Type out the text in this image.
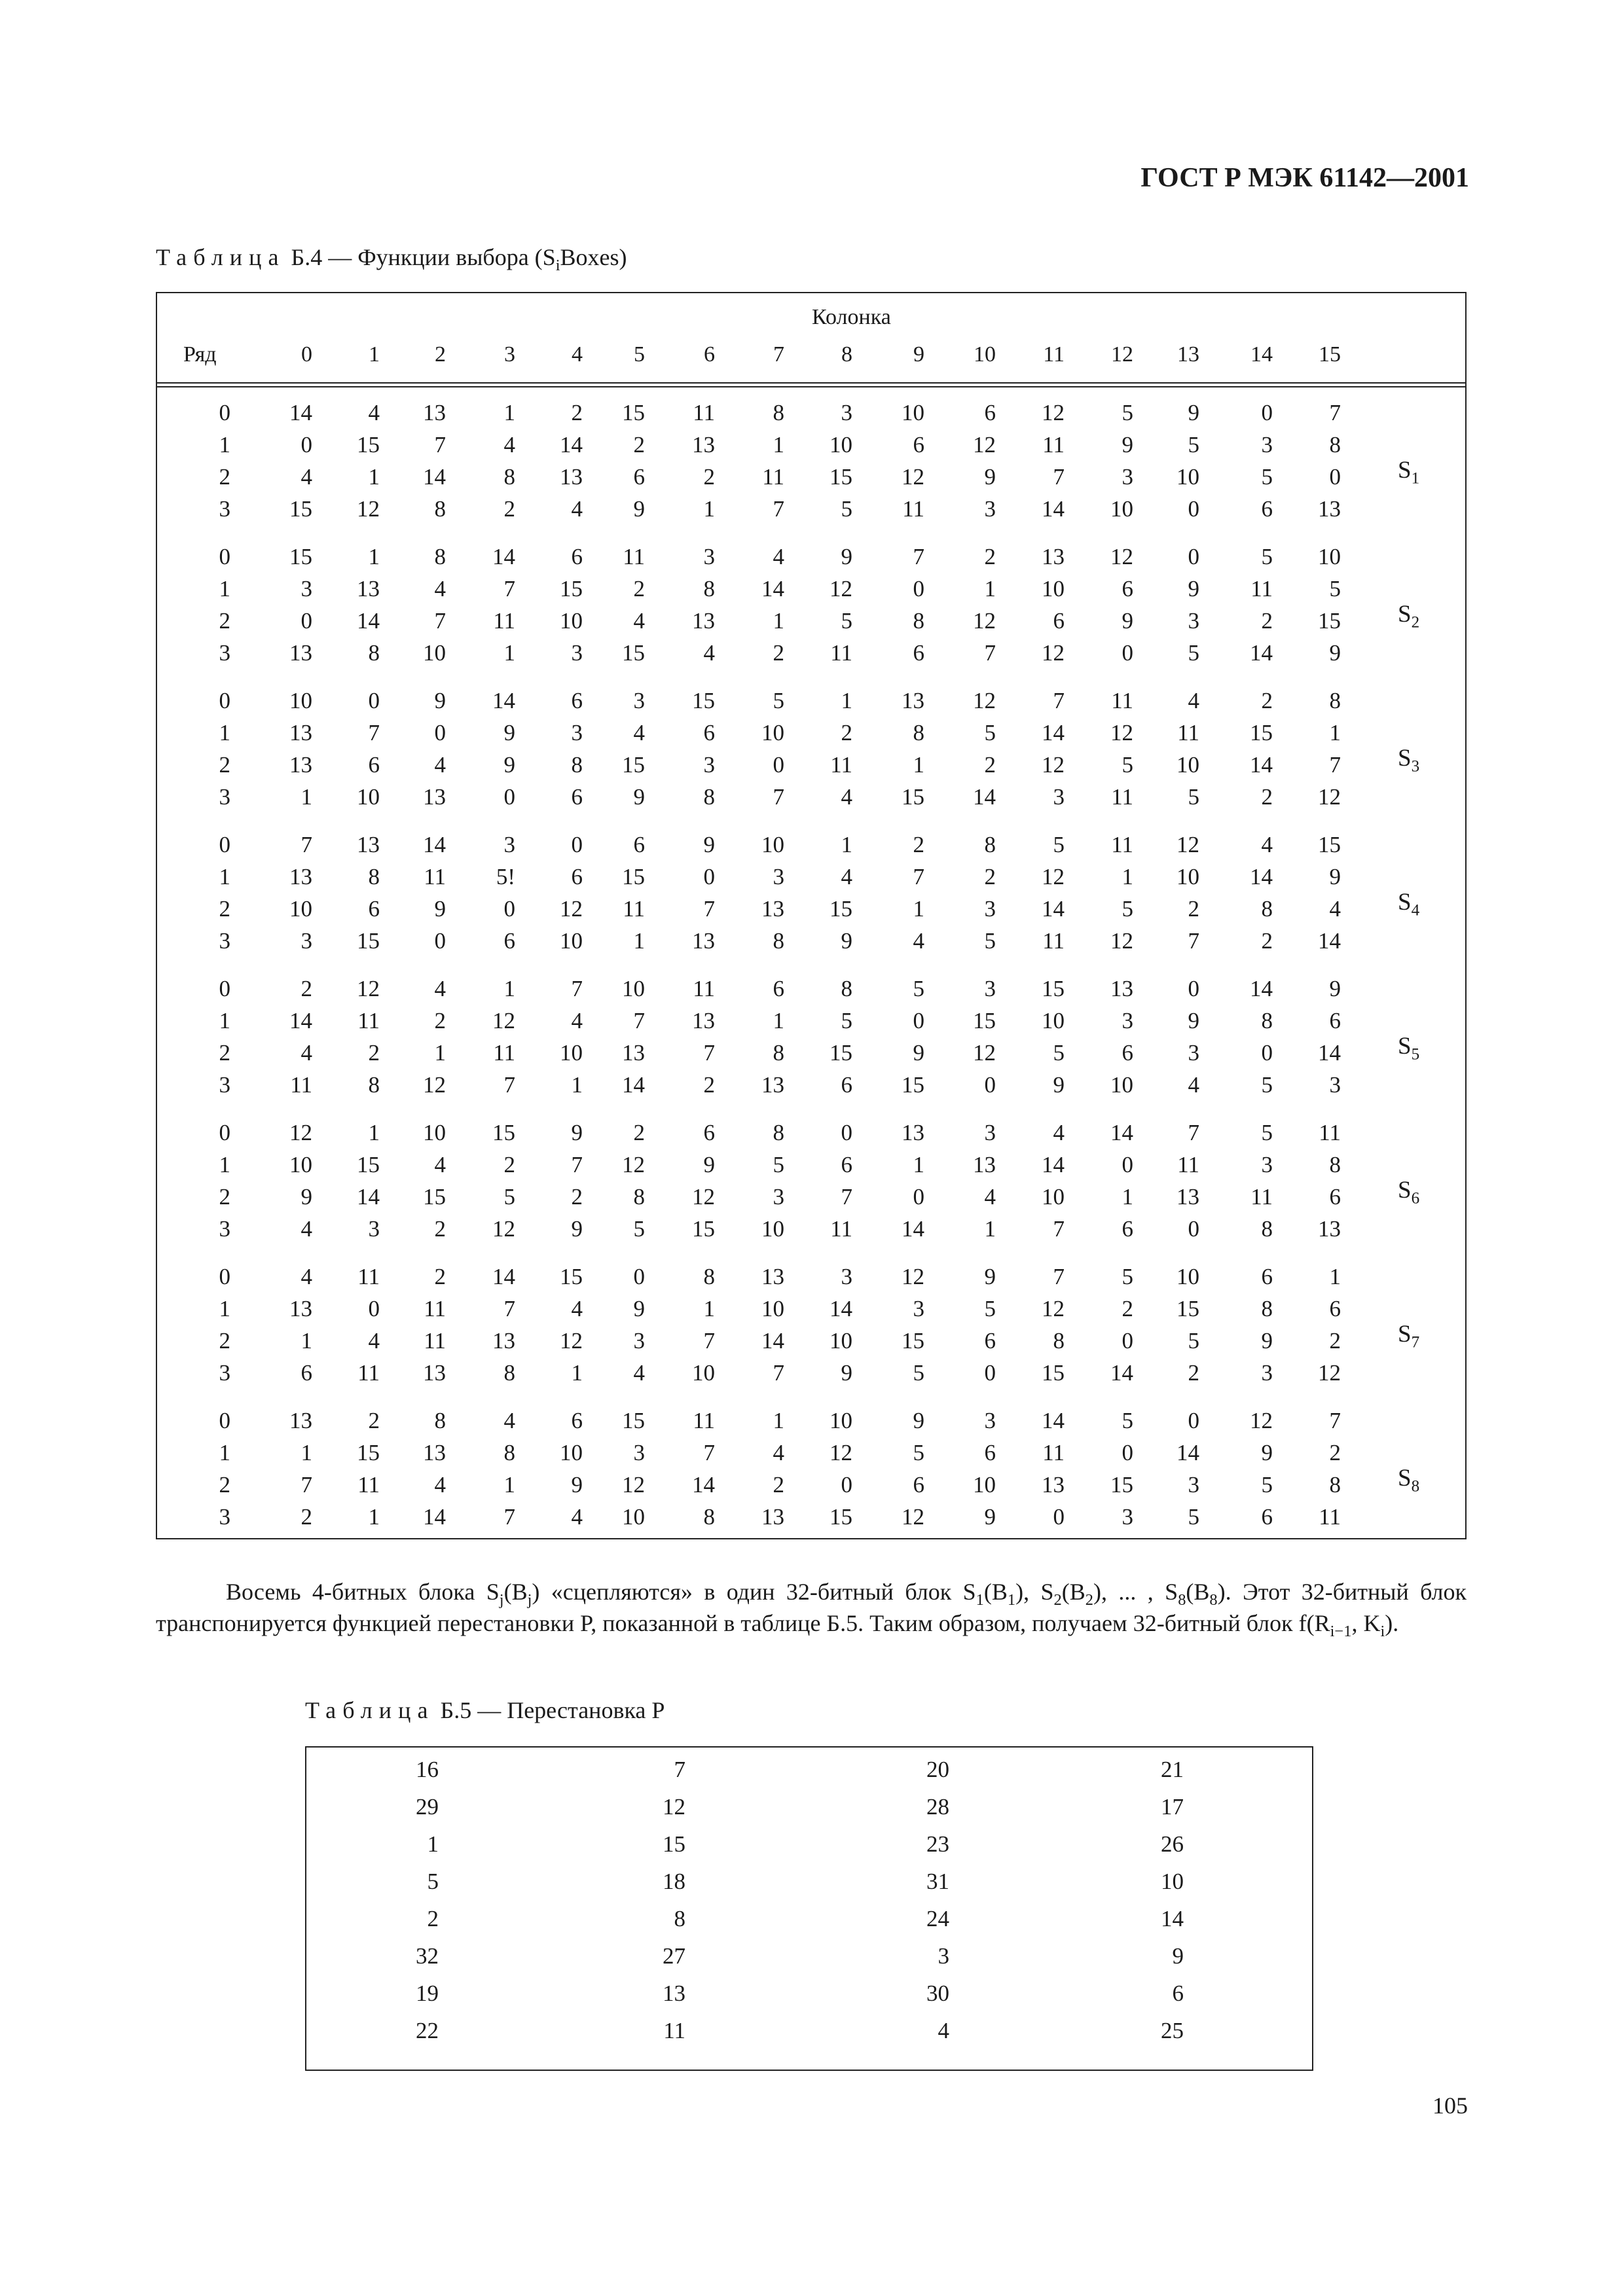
ГОСТ Р МЭК 61142—2001
Таблица Б.4 — Функции выбора $(S_iBoxes)$
Колонка
Ряд	0	1	2	3	4	5	6	7	8	9	10	11	12	13	14	15
0	14	4	13	1	2	15	11	8	3	10	6	12	5	9	0	7
1	0	15	7	4	14	2	13	1	10	6	12	11	9	5	3	8
2	4	1	14	8	13	6	2	11	15	12	9	7	3	10	5	0
3	15	12	8	2	4	9	1	7	5	11	3	14	10	0	6	13
$S_1$
0	15	1	8	14	6	11	3	4	9	7	2	13	12	0	5	10
1	3	13	4	7	15	2	8	14	12	0	1	10	6	9	11	5
2	0	14	7	11	10	4	13	1	5	8	12	6	9	3	2	15
3	13	8	10	1	3	15	4	2	11	6	7	12	0	5	14	9
$S_2$
0	10	0	9	14	6	3	15	5	1	13	12	7	11	4	2	8
1	13	7	0	9	3	4	6	10	2	8	5	14	12	11	15	1
2	13	6	4	9	8	15	3	0	11	1	2	12	5	10	14	7
3	1	10	13	0	6	9	8	7	4	15	14	3	11	5	2	12
$S_3$
0	7	13	14	3	0	6	9	10	1	2	8	5	11	12	4	15
1	13	8	11	5!	6	15	0	3	4	7	2	12	1	10	14	9
2	10	6	9	0	12	11	7	13	15	1	3	14	5	2	8	4
3	3	15	0	6	10	1	13	8	9	4	5	11	12	7	2	14
$S_4$
0	2	12	4	1	7	10	11	6	8	5	3	15	13	0	14	9
1	14	11	2	12	4	7	13	1	5	0	15	10	3	9	8	6
2	4	2	1	11	10	13	7	8	15	9	12	5	6	3	0	14
3	11	8	12	7	1	14	2	13	6	15	0	9	10	4	5	3
$S_5$
0	12	1	10	15	9	2	6	8	0	13	3	4	14	7	5	11
1	10	15	4	2	7	12	9	5	6	1	13	14	0	11	3	8
2	9	14	15	5	2	8	12	3	7	0	4	10	1	13	11	6
3	4	3	2	12	9	5	15	10	11	14	1	7	6	0	8	13
$S_6$
0	4	11	2	14	15	0	8	13	3	12	9	7	5	10	6	1
1	13	0	11	7	4	9	1	10	14	3	5	12	2	15	8	6
2	1	4	11	13	12	3	7	14	10	15	6	8	0	5	9	2
3	6	11	13	8	1	4	10	7	9	5	0	15	14	2	3	12
$S_7$
0	13	2	8	4	6	15	11	1	10	9	3	14	5	0	12	7
1	1	15	13	8	10	3	7	4	12	5	6	11	0	14	9	2
2	7	11	4	1	9	12	14	2	0	6	10	13	15	3	5	8
3	2	1	14	7	4	10	8	13	15	12	9	0	3	5	6	11
$S_8$

Восемь 4-битных блока $S_j(B_j)$ «сцепляются» в один 32-битный блок $S_1(B_1)$, $S_2(B_2)$, ... , $S_8(B_8)$. Этот 32-битный блок транспонируется функцией перестановки P, показанной в таблице Б.5. Таким образом, получаем 32-битный блок $f(R_{i-1}$, $K_i$).

Таблица Б.5 — Перестановка P
16	7	20	21
29	12	28	17
1	15	23	26
5	18	31	10
2	8	24	14
32	27	3	9
19	13	30	6
22	11	4	25
105
